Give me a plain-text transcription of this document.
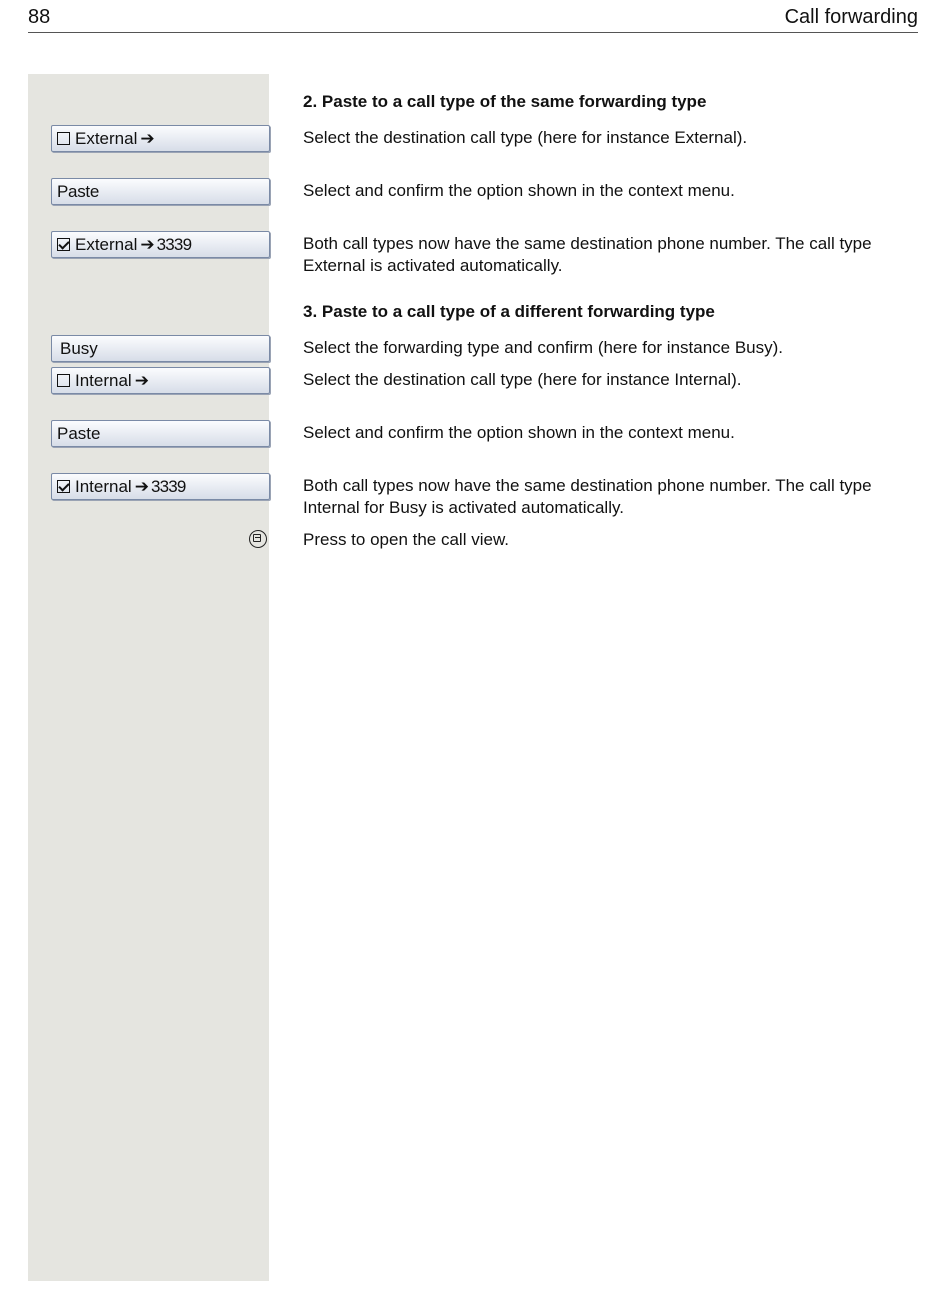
88	Call forwarding
External ➔
Paste
External ➔ 3339
Busy
Internal ➔
Paste
Internal ➔ 3339
2. Paste to a call type of the same forwarding type
Select the destination call type (here for instance External).
Select and confirm the option shown in the context menu.
Both call types now have the same destination phone number. The call type External is activated automatically.
3. Paste to a call type of a different forwarding type
Select the forwarding type and confirm (here for instance Busy).
Select the destination call type (here for instance Internal).
Select and confirm the option shown in the context menu.
Both call types now have the same destination phone number. The call type Internal for Busy is activated automatically.
Press to open the call view.
